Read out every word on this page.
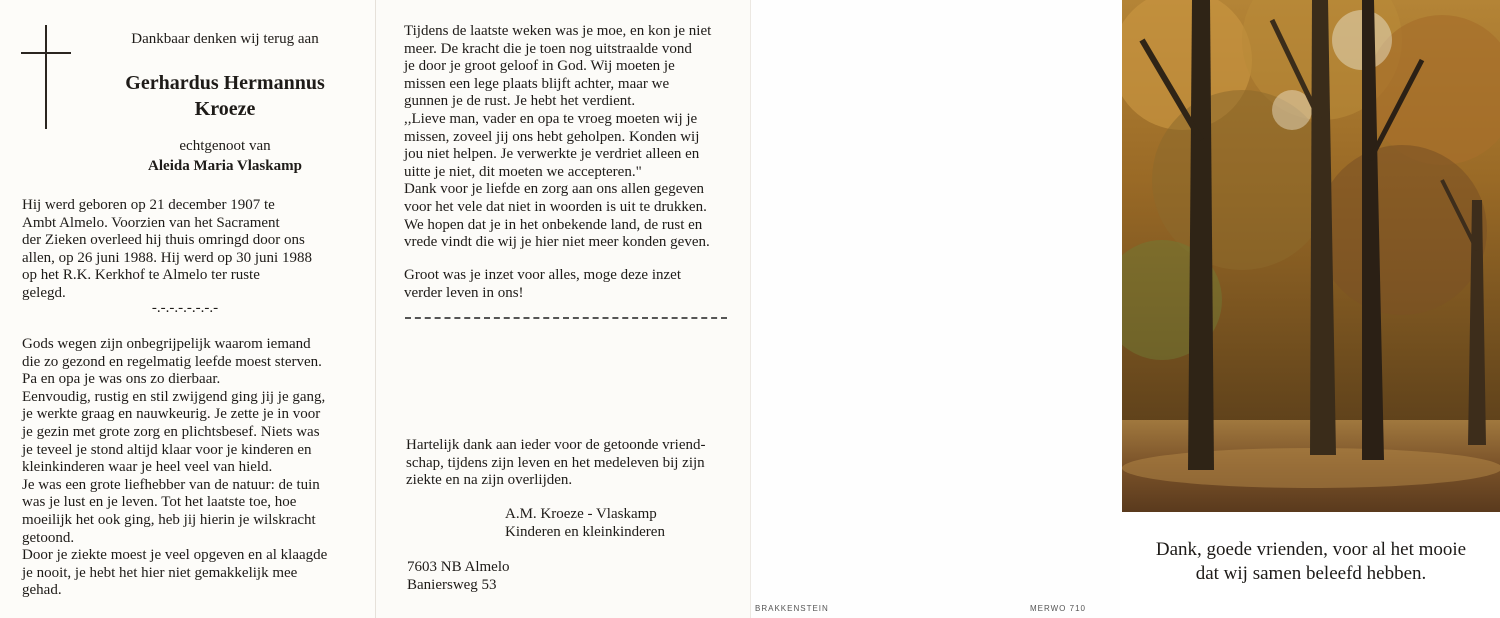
Dankbaar denken wij terug aan
Gerhardus Hermannus
Kroeze
echtgenoot van
Aleida Maria Vlaskamp
Hij werd geboren op 21 december 1907 te
Ambt Almelo. Voorzien van het Sacrament
der Zieken overleed hij thuis omringd door ons
allen, op 26 juni 1988. Hij werd op 30 juni 1988
op het R.K. Kerkhof te Almelo ter ruste
gelegd.
-.-.-.-.-.-.-.-
Gods wegen zijn onbegrijpelijk waarom iemand
die zo gezond en regelmatig leefde moest sterven.
Pa en opa je was ons zo dierbaar.
Eenvoudig, rustig en stil zwijgend ging jij je gang,
je werkte graag en nauwkeurig. Je zette je in voor
je gezin met grote zorg en plichtsbesef. Niets was
je teveel je stond altijd klaar voor je kinderen en
kleinkinderen waar je heel veel van hield.
Je was een grote liefhebber van de natuur: de tuin
was je lust en je leven. Tot het laatste toe, hoe
moeilijk het ook ging, heb jij hierin je wilskracht
getoond.
Door je ziekte moest je veel opgeven en al klaagde
je nooit, je hebt het hier niet gemakkelijk mee
gehad.
Tijdens de laatste weken was je moe, en kon je niet
meer. De kracht die je toen nog uitstraalde vond
je door je groot geloof in God. Wij moeten je
missen een lege plaats blijft achter, maar we
gunnen je de rust. Je hebt het verdient.
,,Lieve man, vader en opa te vroeg moeten wij je
missen, zoveel jij ons hebt geholpen. Konden wij
jou niet helpen. Je verwerkte je verdriet alleen en
uitte je niet, dit moeten we accepteren."
Dank voor je liefde en zorg aan ons allen gegeven
voor het vele dat niet in woorden is uit te drukken.
We hopen dat je in het onbekende land, de rust en
vrede vindt die wij je hier niet meer konden geven.
Groot was je inzet voor alles, moge deze inzet
verder leven in ons!
Hartelijk dank aan ieder voor de getoonde vriend-
schap, tijdens zijn leven en het medeleven bij zijn
ziekte en na zijn overlijden.
A.M. Kroeze - Vlaskamp
Kinderen en kleinkinderen
7603 NB Almelo
Baniersweg 53
BRAKKENSTEIN	MERWO 710
Dank, goede vrienden, voor al het mooie
dat wij samen beleefd hebben.
